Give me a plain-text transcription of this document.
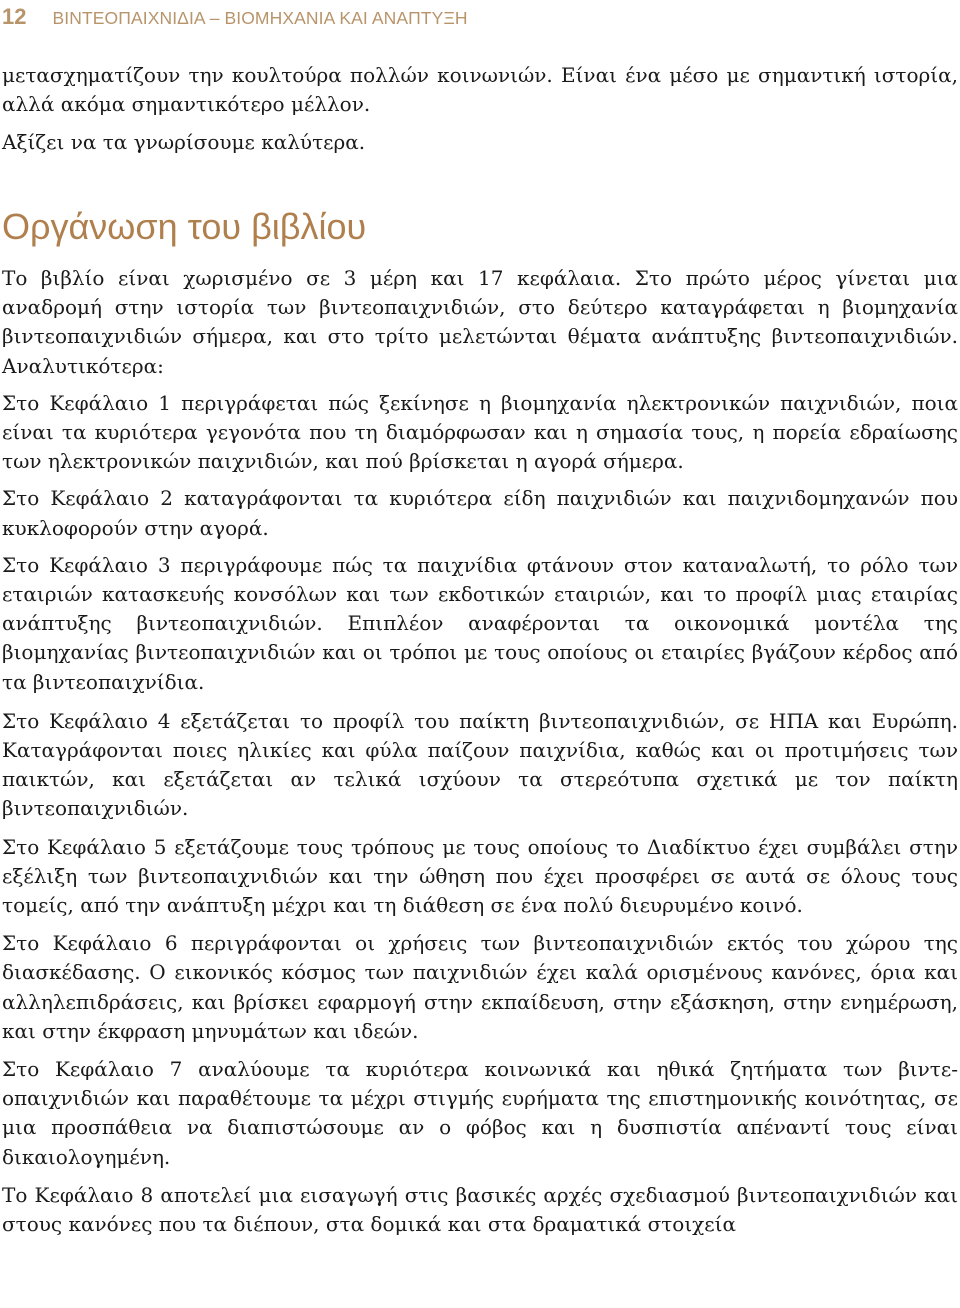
12 ΒΙΝΤΕΟΠΑΙΧΝΙΔΙΑ – ΒΙΟΜΗΧΑΝΙΑ ΚΑΙ ΑΝΑΠΤΥΞΗ

μετασχηματίζουν την κουλτούρα πολλών κοινωνιών. Είναι ένα μέσο με σημαντική ιστορία, αλλά ακόμα σημαντικότερο μέλλον.

Αξίζει να τα γνωρίσουμε καλύτερα.

Οργάνωση του βιβλίου

Το βιβλίο είναι χωρισμένο σε 3 μέρη και 17 κεφάλαια. Στο πρώτο μέρος γίνεται μια αναδρομή στην ιστορία των βιντεοπαιχνιδιών, στο δεύτερο καταγράφεται η βιομηχανία βιντεοπαιχνιδιών σήμερα, και στο τρίτο μελετώνται θέματα ανάπτυξης βιντεοπαιχνιδιών. Αναλυτικότερα:

Στο Κεφάλαιο 1 περιγράφεται πώς ξεκίνησε η βιομηχανία ηλεκτρονικών παιχνιδιών, ποια είναι τα κυριότερα γεγονότα που τη διαμόρφωσαν και η σημασία τους, η πορεία εδραίωσης των ηλεκτρονικών παιχνιδιών, και πού βρίσκεται η αγορά σήμερα.

Στο Κεφάλαιο 2 καταγράφονται τα κυριότερα είδη παιχνιδιών και παιχνιδομηχανών που κυκλοφορούν στην αγορά.

Στο Κεφάλαιο 3 περιγράφουμε πώς τα παιχνίδια φτάνουν στον καταναλωτή, το ρόλο των εταιριών κατασκευής κονσόλων και των εκδοτικών εταιριών, και το προφίλ μιας εταιρίας ανάπτυξης βιντεοπαιχνιδιών. Επιπλέον αναφέρονται τα οικονομικά μοντέλα της βιομηχανίας βιντεοπαιχνιδιών και οι τρόποι με τους οποίους οι εταιρίες βγάζουν κέρδος από τα βιντεοπαιχνίδια.

Στο Κεφάλαιο 4 εξετάζεται το προφίλ του παίκτη βιντεοπαιχνιδιών, σε ΗΠΑ και Ευρώπη. Καταγράφονται ποιες ηλικίες και φύλα παίζουν παιχνίδια, καθώς και οι προτιμήσεις των παικτών, και εξετάζεται αν τελικά ισχύουν τα στερεότυπα σχετικά με τον παίκτη βιντεοπαιχνιδιών.

Στο Κεφάλαιο 5 εξετάζουμε τους τρόπους με τους οποίους το Διαδίκτυο έχει συμβάλει στην εξέλιξη των βιντεοπαιχνιδιών και την ώθηση που έχει προσφέρει σε αυτά σε όλους τους τομείς, από την ανάπτυξη μέχρι και τη διάθεση σε ένα πολύ διευρυμένο κοινό.

Στο Κεφάλαιο 6 περιγράφονται οι χρήσεις των βιντεοπαιχνιδιών εκτός του χώρου της διασκέδασης. Ο εικονικός κόσμος των παιχνιδιών έχει καλά ορισμένους κανόνες, όρια και αλληλεπιδράσεις, και βρίσκει εφαρμογή στην εκπαίδευση, στην εξάσκηση, στην ενημέρωση, και στην έκφραση μηνυμάτων και ιδεών.

Στο Κεφάλαιο 7 αναλύουμε τα κυριότερα κοινωνικά και ηθικά ζητήματα των βιντεοπαιχνιδιών και παραθέτουμε τα μέχρι στιγμής ευρήματα της επιστημονικής κοινότητας, σε μια προσπάθεια να διαπιστώσουμε αν ο φόβος και η δυσπιστία απέναντί τους είναι δικαιολογημένη.

Το Κεφάλαιο 8 αποτελεί μια εισαγωγή στις βασικές αρχές σχεδιασμού βιντεοπαιχνιδιών και στους κανόνες που τα διέπουν, στα δομικά και στα δραματικά στοιχεία
